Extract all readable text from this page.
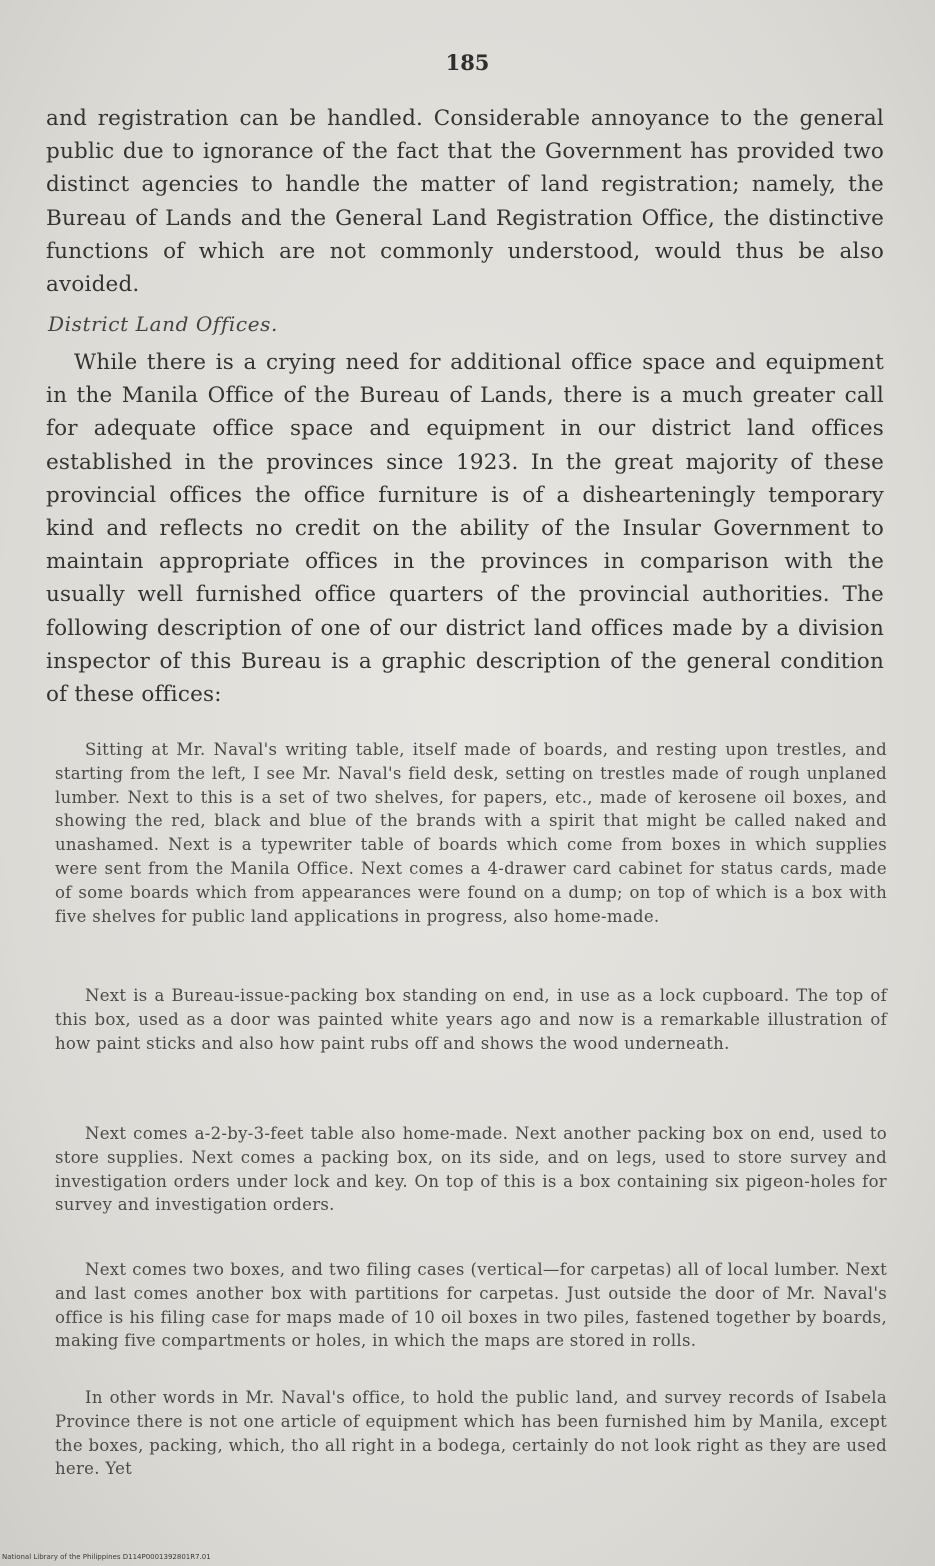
185
and registration can be handled. Considerable annoyance to the general public due to ignorance of the fact that the Government has provided two distinct agencies to handle the matter of land registration; namely, the Bureau of Lands and the General Land Registration Office, the distinctive functions of which are not commonly understood, would thus be also avoided.
District Land Offices.
While there is a crying need for additional office space and equipment in the Manila Office of the Bureau of Lands, there is a much greater call for adequate office space and equipment in our district land offices established in the provinces since 1923. In the great majority of these provincial offices the office furniture is of a dishearteningly temporary kind and reflects no credit on the ability of the Insular Government to maintain appropriate offices in the provinces in comparison with the usually well furnished office quarters of the provincial authorities. The following description of one of our district land offices made by a division inspector of this Bureau is a graphic description of the general condition of these offices:

Sitting at Mr. Naval's writing table, itself made of boards, and resting upon trestles, and starting from the left, I see Mr. Naval's field desk, setting on trestles made of rough unplaned lumber. Next to this is a set of two shelves, for papers, etc., made of kerosene oil boxes, and showing the red, black and blue of the brands with a spirit that might be called naked and unashamed. Next is a typewriter table of boards which come from boxes in which supplies were sent from the Manila Office. Next comes a 4-drawer card cabinet for status cards, made of some boards which from appearances were found on a dump; on top of which is a box with five shelves for public land applications in progress, also home-made.

Next is a Bureau-issue-packing box standing on end, in use as a lock cupboard. The top of this box, used as a door was painted white years ago and now is a remarkable illustration of how paint sticks and also how paint rubs off and shows the wood underneath.

Next comes a-2-by-3-feet table also home-made. Next another packing box on end, used to store supplies. Next comes a packing box, on its side, and on legs, used to store survey and investigation orders under lock and key. On top of this is a box containing six pigeon-holes for survey and investigation orders.

Next comes two boxes, and two filing cases (vertical—for carpetas) all of local lumber. Next and last comes another box with partitions for carpetas. Just outside the door of Mr. Naval's office is his filing case for maps made of 10 oil boxes in two piles, fastened together by boards, making five compartments or holes, in which the maps are stored in rolls.

In other words in Mr. Naval's office, to hold the public land, and survey records of Isabela Province there is not one article of equipment which has been furnished him by Manila, except the boxes, packing, which, tho all right in a bodega, certainly do not look right as they are used here. Yet

National Library of the Philippines D114P0001392801R7.01
